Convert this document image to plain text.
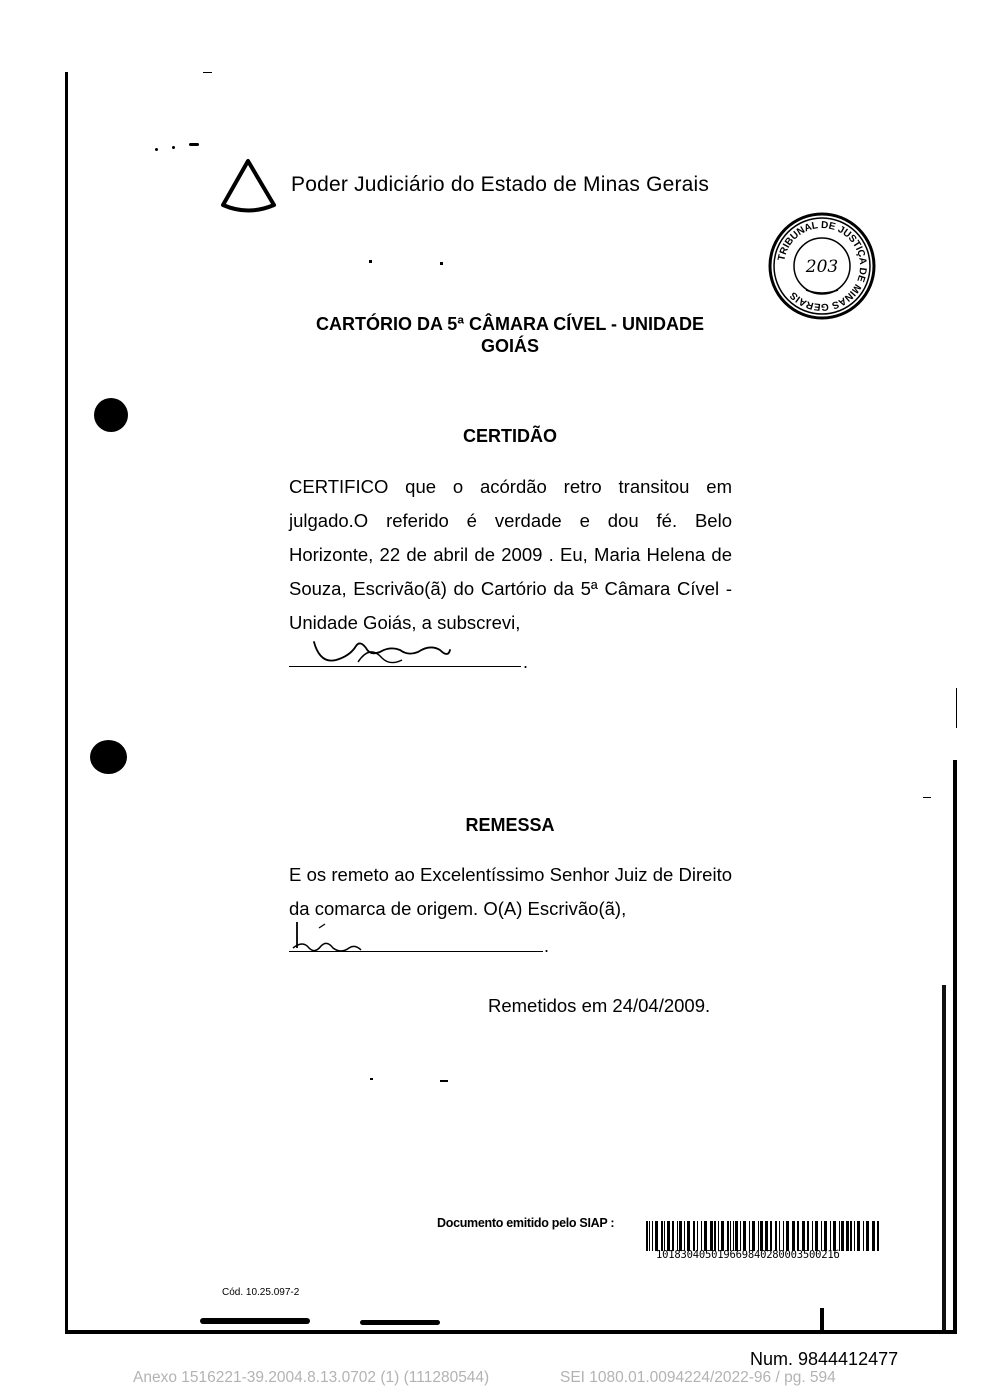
Poder Judiciário do Estado de Minas Gerais
TRIBUNAL DE JUSTIÇA DE MINAS GERAIS
203
CARTÓRIO DA 5ª CÂMARA CÍVEL - UNIDADE
GOIÁS
CERTIDÃO
CERTIFICO que o acórdão retro transitou em julgado.O referido é verdade e dou fé. Belo Horizonte, 22 de abril de 2009 . Eu, Maria Helena de Souza, Escrivão(ã) do Cartório da 5ª Câmara Cível - Unidade Goiás, a subscrevi,
.
REMESSA
E os remeto ao Excelentíssimo Senhor Juiz de Direito da comarca de origem. O(A) Escrivão(ã),
.
Remetidos em 24/04/2009.
Documento emitido pelo SIAP :
10183040501966984028000350021б
Cód. 10.25.097-2
Num. 9844412477
Anexo 1516221-39.2004.8.13.0702 (1) (111280544)	SEI 1080.01.0094224/2022-96 / pg. 594
